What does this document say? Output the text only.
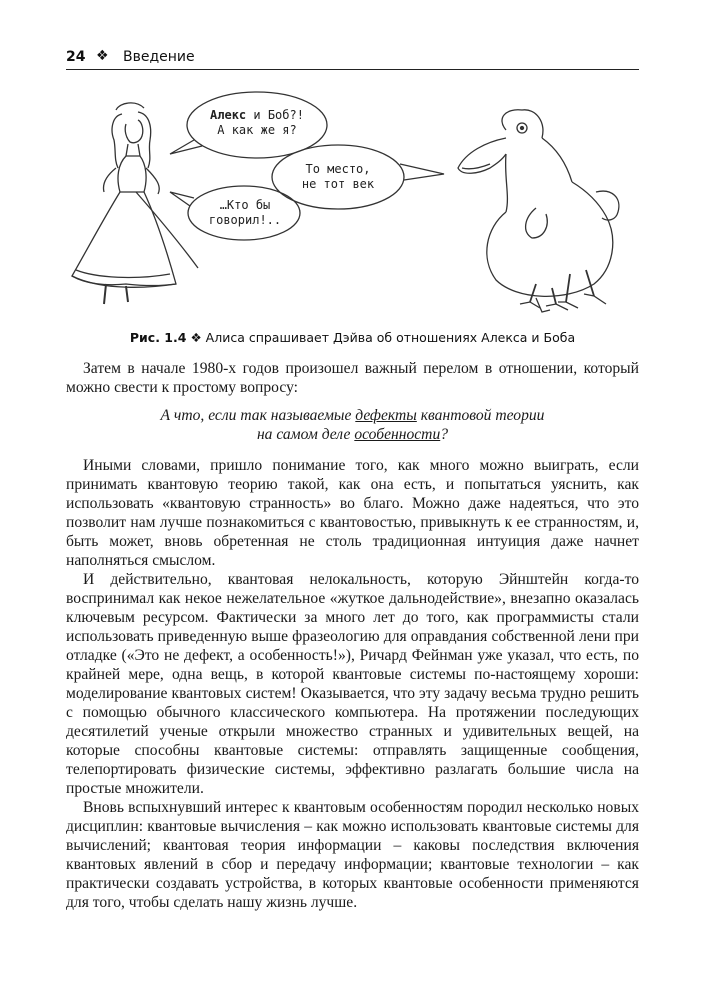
24 ❖ Введение
Алекс и Боб?!
А как же я?
То место,
не тот век
…Кто бы
говорил!..
Рис. 1.4 ❖ Алиса спрашивает Дэйва об отношениях Алекса и Боба

Затем в начале 1980-х годов произошел важный перелом в отношении, который можно свести к простому вопросу:

А что, если так называемые дефекты квантовой теории
на самом деле особенности?

Иными словами, пришло понимание того, как много можно выиграть, если принимать квантовую теорию такой, как она есть, и попытаться уяснить, как использовать «квантовую странность» во благо. Можно даже надеяться, что это позволит нам лучше познакомиться с квантовостью, привыкнуть к ее странностям, и, быть может, вновь обретенная не столь традиционная интуиция даже начнет наполняться смыслом.

И действительно, квантовая нелокальность, которую Эйнштейн когда-то воспринимал как некое нежелательное «жуткое дальнодействие», внезапно оказалась ключевым ресурсом. Фактически за много лет до того, как программисты стали использовать приведенную выше фразеологию для оправдания собственной лени при отладке («Это не дефект, а особенность!»), Ричард Фейнман уже указал, что есть, по крайней мере, одна вещь, в которой квантовые системы по-настоящему хороши: моделирование квантовых систем! Оказывается, что эту задачу весьма трудно решить с помощью обычного классического компьютера. На протяжении последующих десятилетий ученые открыли множество странных и удивительных вещей, на которые способны квантовые системы: отправлять защищенные сообщения, телепортировать физические системы, эффективно разлагать большие числа на простые множители.

Вновь вспыхнувший интерес к квантовым особенностям породил несколько новых дисциплин: квантовые вычисления – как можно использовать квантовые системы для вычислений; квантовая теория информации – каковы последствия включения квантовых явлений в сбор и передачу информации; квантовые технологии – как практически создавать устройства, в которых квантовые особенности применяются для того, чтобы сделать нашу жизнь лучше.
